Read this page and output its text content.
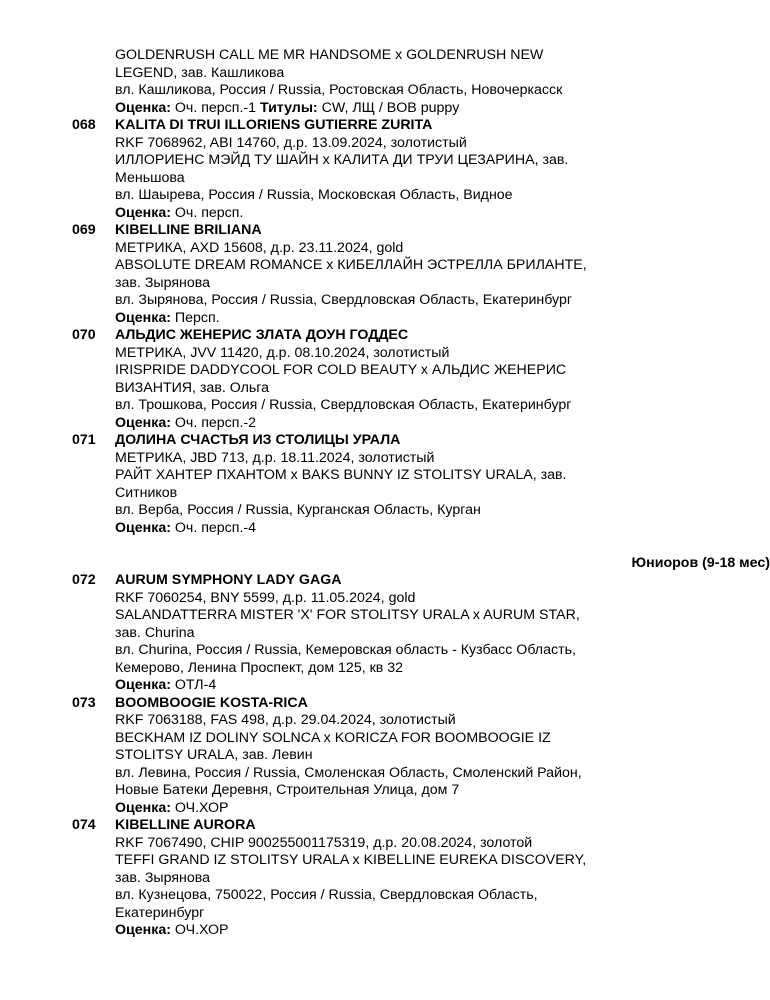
GOLDENRUSH CALL ME MR HANDSOME x GOLDENRUSH NEW
LEGEND, зав. Кашликова
вл. Кашликова, Россия / Russia, Ростовская Область, Новочеркасск
Оценка: Оч. персп.-1 Титулы: CW, ЛЩ / BOB puppy
068 KALITA DI TRUI ILLORIENS GUTIERRE ZURITA
RKF 7068962, ABI 14760, д.р. 13.09.2024, золотистый
ИЛЛОРИЕНС МЭЙД ТУ ШАЙН х КАЛИТА ДИ ТРУИ ЦЕЗАРИНА, зав.
Меньшова
вл. Шаырева, Россия / Russia, Московская Область, Видное
Оценка: Оч. персп.
069 KIBELLINE BRILIANA
МЕТРИКА, AXD 15608, д.р. 23.11.2024, gold
ABSOLUTE DREAM ROMANCE x КИБЕЛЛАЙН ЭСТРЕЛЛА БРИЛАНТЕ,
зав. Зырянова
вл. Зырянова, Россия / Russia, Свердловская Область, Екатеринбург
Оценка: Персп.
070 АЛЬДИС ЖЕНЕРИС ЗЛАТА ДОУН ГОДДЕС
МЕТРИКА, JVV 11420, д.р. 08.10.2024, золотистый
IRISPRIDE DADDYCOOL FOR COLD BEAUTY x АЛЬДИС ЖЕНЕРИС
ВИЗАНТИЯ, зав. Ольга
вл. Трошкова, Россия / Russia, Свердловская Область, Екатеринбург
Оценка: Оч. персп.-2
071 ДОЛИНА СЧАСТЬЯ ИЗ СТОЛИЦЫ УРАЛА
МЕТРИКА, JBD 713, д.р. 18.11.2024, золотистый
РАЙТ ХАНТЕР ПХАНТОМ x BAKS BUNNY IZ STOLITSY URALA, зав.
Ситников
вл. Верба, Россия / Russia, Курганская Область, Курган
Оценка: Оч. персп.-4
Юниоров (9-18 мес)
072 AURUM SYMPHONY LADY GAGA
RKF 7060254, BNY 5599, д.р. 11.05.2024, gold
SALANDATTERRA MISTER 'X' FOR STOLITSY URALA x AURUM STAR,
зав. Churina
вл. Churina, Россия / Russia, Кемеровская область - Кузбасс Область,
Кемерово, Ленина Проспект, дом 125, кв 32
Оценка: ОТЛ-4
073 BOOMBOOGIE KOSTA-RICA
RKF 7063188, FAS 498, д.р. 29.04.2024, золотистый
BECKHAM IZ DOLINY SOLNCA x KORICZA FOR BOOMBOOGIE IZ
STOLITSY URALA, зав. Левин
вл. Левина, Россия / Russia, Смоленская Область, Смоленский Район,
Новые Батеки Деревня, Строительная Улица, дом 7
Оценка: ОЧ.ХОР
074 KIBELLINE AURORA
RKF 7067490, CHIP 900255001175319, д.р. 20.08.2024, золотой
TEFFI GRAND IZ STOLITSY URALA x KIBELLINE EUREKA DISCOVERY,
зав. Зырянова
вл. Кузнецова, 750022, Россия / Russia, Свердловская Область,
Екатеринбург
Оценка: ОЧ.ХОР
